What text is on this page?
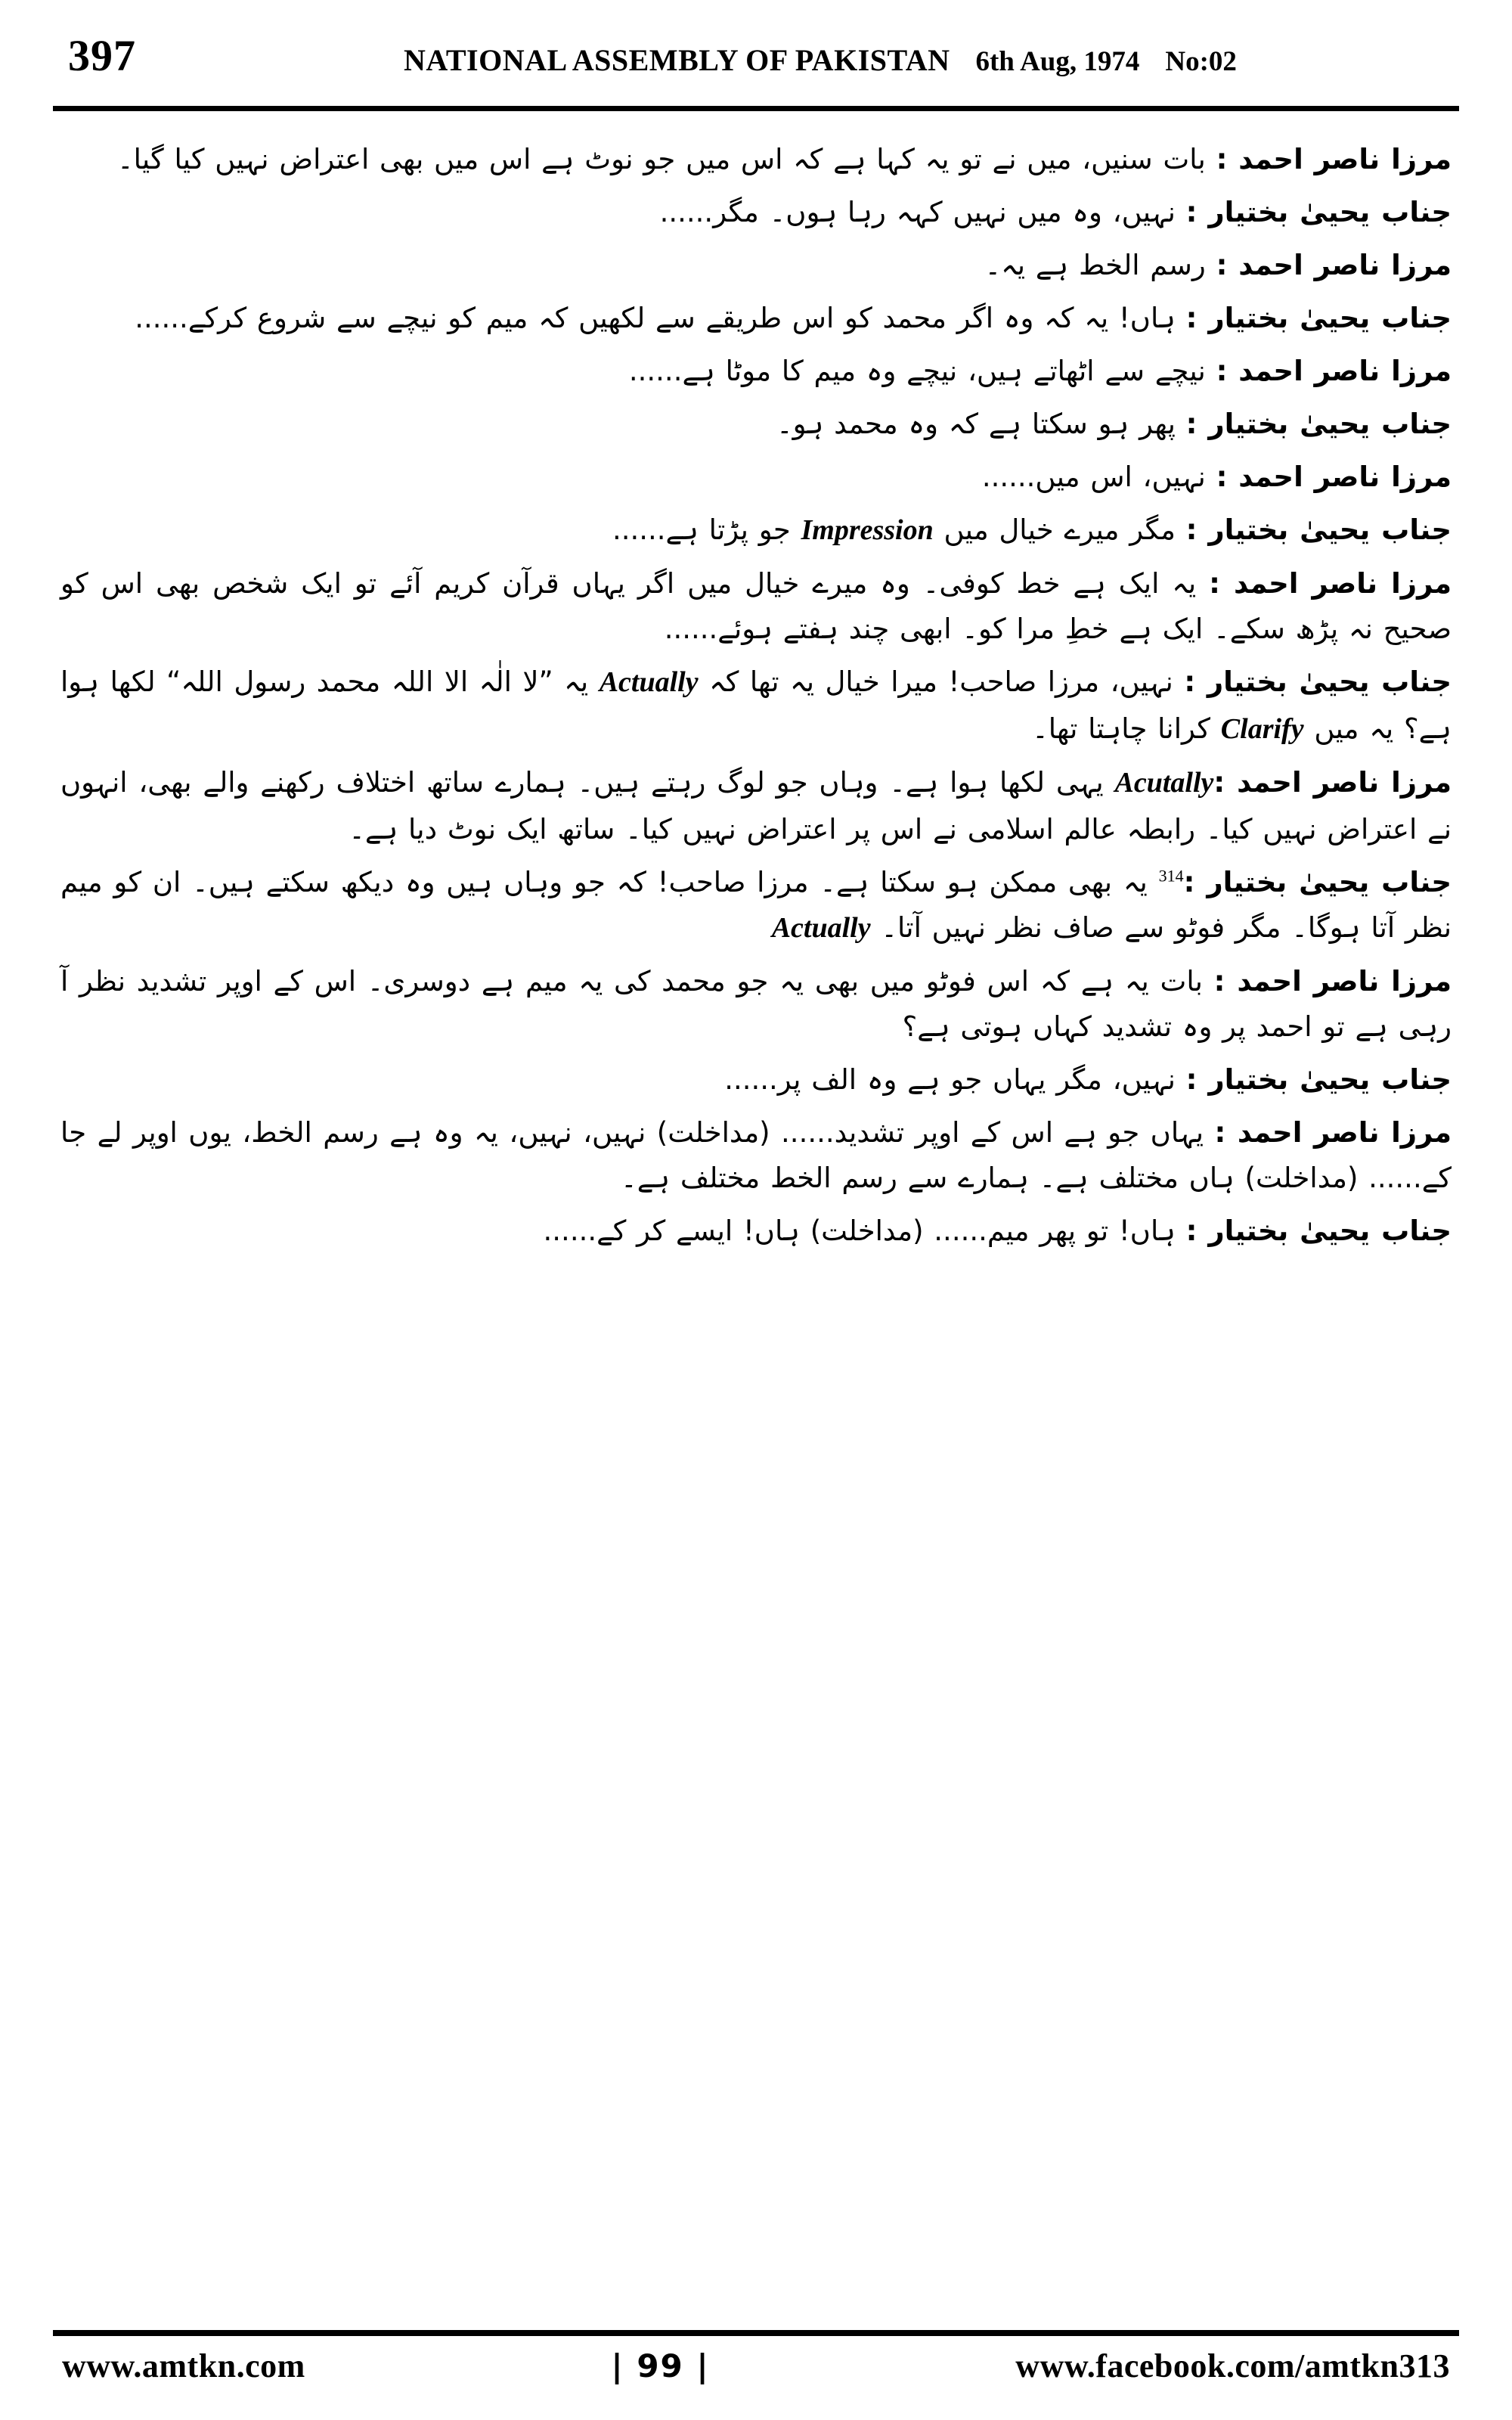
397	NATIONAL ASSEMBLY OF PAKISTAN 6th Aug, 1974 No:02

مرزا ناصر احمد : بات سنیں، میں نے تو یہ کہا ہے کہ اس میں جو نوٹ ہے اس میں بھی اعتراض نہیں کیا گیا۔

جناب یحییٰ بختیار : نہیں، وہ میں نہیں کہہ رہا ہوں۔ مگر......

مرزا ناصر احمد : رسم الخط ہے یہ۔

جناب یحییٰ بختیار : ہاں! یہ کہ وہ اگر محمد کو اس طریقے سے لکھیں کہ میم کو نیچے سے شروع کرکے......

مرزا ناصر احمد : نیچے سے اٹھاتے ہیں، نیچے وہ میم کا موٹا ہے......

جناب یحییٰ بختیار : پھر ہو سکتا ہے کہ وہ محمد ہو۔

مرزا ناصر احمد : نہیں، اس میں......

جناب یحییٰ بختیار : مگر میرے خیال میں Impression جو پڑتا ہے......

مرزا ناصر احمد : یہ ایک ہے خط کوفی۔ وہ میرے خیال میں اگر یہاں قرآن کریم آئے تو ایک شخص بھی اس کو صحیح نہ پڑھ سکے۔ ایک ہے خطِ مرا کو۔ ابھی چند ہفتے ہوئے......

جناب یحییٰ بختیار : نہیں، مرزا صاحب! میرا خیال یہ تھا کہ Actually یہ ”لا الٰہ الا اللہ محمد رسول اللہ“ لکھا ہوا ہے؟ یہ میں Clarify کرانا چاہتا تھا۔

مرزا ناصر احمد :Acutally یہی لکھا ہوا ہے۔ وہاں جو لوگ رہتے ہیں۔ ہمارے ساتھ اختلاف رکھنے والے بھی، انہوں نے اعتراض نہیں کیا۔ رابطہ عالم اسلامی نے اس پر اعتراض نہیں کیا۔ ساتھ ایک نوٹ دیا ہے۔

جناب یحییٰ بختیار :$^{314}$ یہ بھی ممکن ہو سکتا ہے۔ مرزا صاحب! کہ جو وہاں ہیں وہ دیکھ سکتے ہیں۔ ان کو میم نظر آتا ہوگا۔ مگر فوٹو سے صاف نظر نہیں آتا۔ Actually

مرزا ناصر احمد : بات یہ ہے کہ اس فوٹو میں بھی یہ جو محمد کی یہ میم ہے دوسری۔ اس کے اوپر تشدید نظر آ رہی ہے تو احمد پر وہ تشدید کہاں ہوتی ہے؟

جناب یحییٰ بختیار : نہیں، مگر یہاں جو ہے وہ الف پر......

مرزا ناصر احمد : یہاں جو ہے اس کے اوپر تشدید...... (مداخلت) نہیں، نہیں، یہ وہ ہے رسم الخط، یوں اوپر لے جا کے...... (مداخلت) ہاں مختلف ہے۔ ہمارے سے رسم الخط مختلف ہے۔

جناب یحییٰ بختیار : ہاں! تو پھر میم...... (مداخلت) ہاں! ایسے کر کے......

www.amtkn.com	| 99 |	www.facebook.com/amtkn313
